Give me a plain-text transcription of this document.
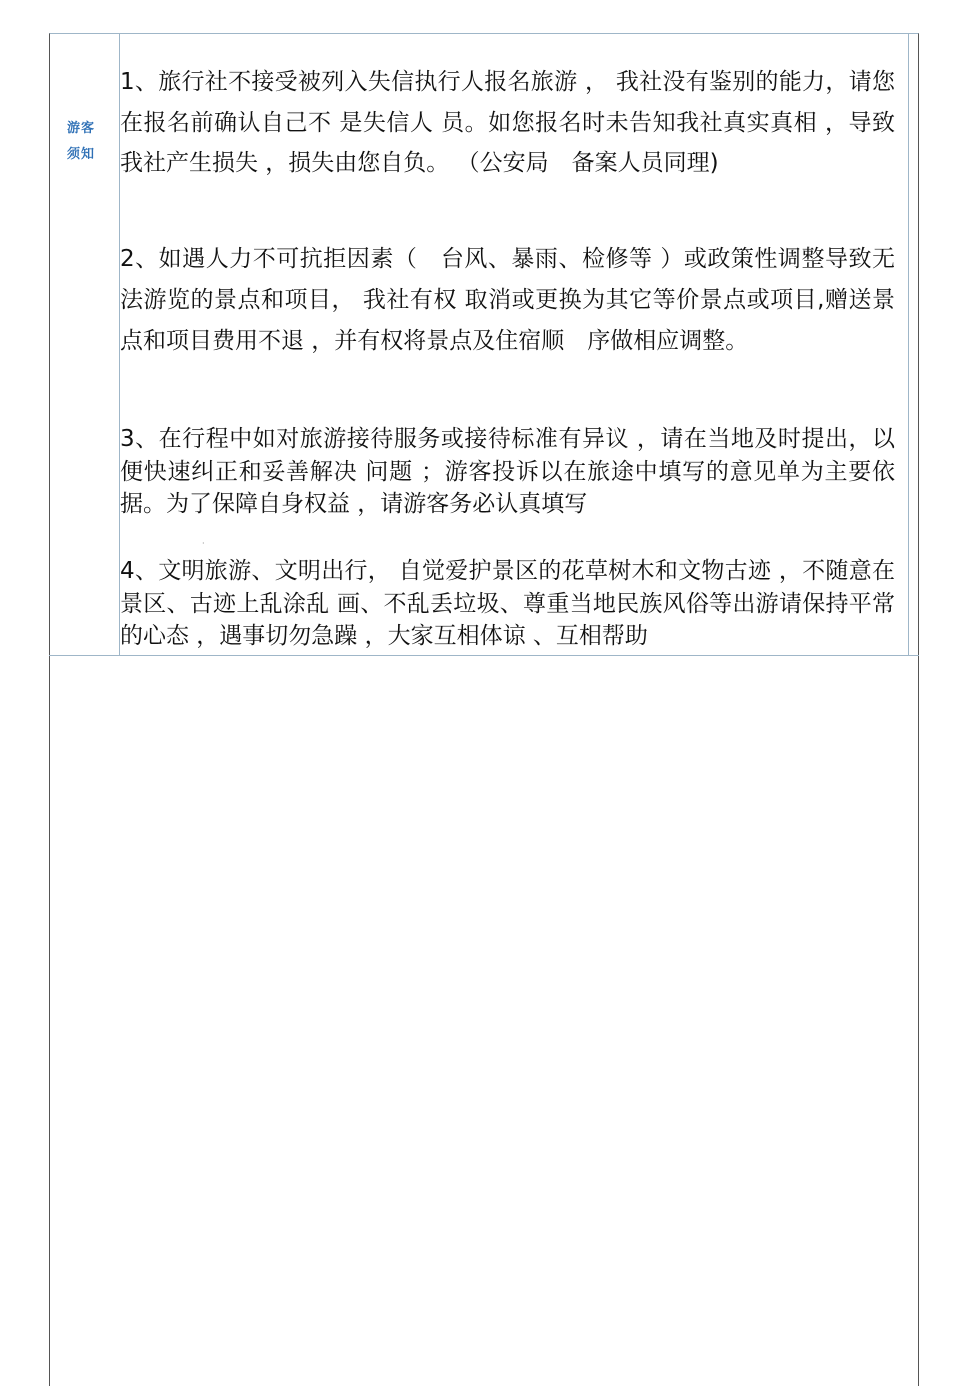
游客
须知

1、旅行社不接受被列入失信执行人报名旅游 ， 我社没有鉴别的能力，请您在报名前确认自己不 是失信人 员。如您报名时未告知我社真实真相 ，导致我社产生损失 ，损失由您自负。 （公安局　备案人员同理)

2、如遇人力不可抗拒因素（　台风、暴雨、检修等 ）或政策性调整导致无法游览的景点和项目， 我社有权 取消或更换为其它等价景点或项目,赠送景点和项目费用不退 ，并有权将景点及住宿顺　序做相应调整。

3、在行程中如对旅游接待服务或接待标准有异议 ，请在当地及时提出，以便快速纠正和妥善解决 问题 ；游客投诉以在旅途中填写的意见单为主要依据。为了保障自身权益 ，请游客务必认真填写

·

4、文明旅游、文明出行， 自觉爱护景区的花草树木和文物古迹 ，不随意在景区、古迹上乱涂乱 画、不乱丢垃圾、尊重当地民族风俗等出游请保持平常的心态 ，遇事切勿急躁 ，大家互相体谅 、互相帮助
